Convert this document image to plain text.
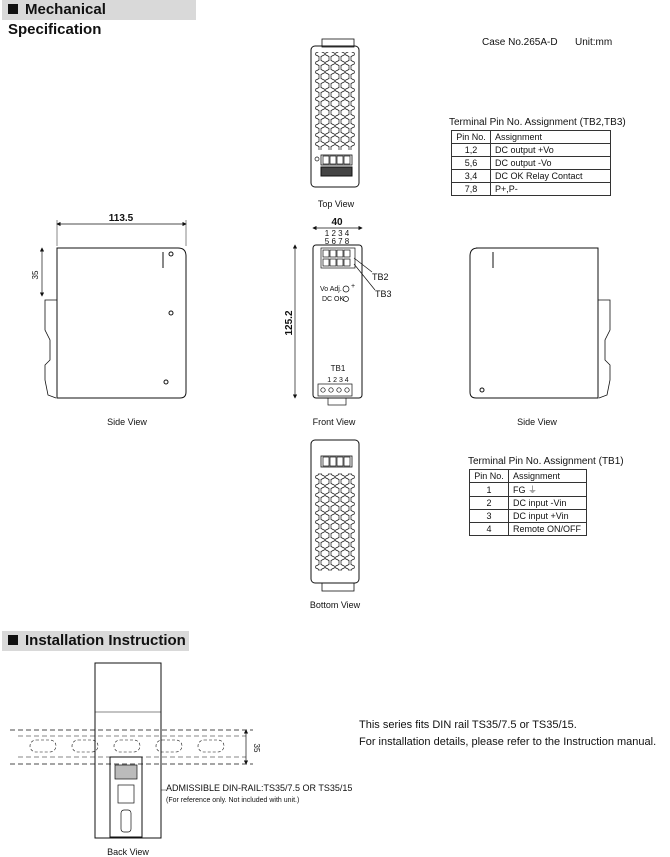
Mechanical Specification
Installation Instruction
Case No.265A-D Unit:mm
Terminal Pin No. Assignment (TB2,TB3)
Pin No.	Assignment
1,2	DC output +Vo
5,6	DC output -Vo
3,4	DC OK Relay Contact
7,8	P+,P-
Terminal Pin No. Assignment (TB1)
Pin No.	Assignment
1	FG ⏚
2	DC input -Vin
3	DC input +Vin
4	Remote ON/OFF
Top View
Side View	Front View	Side View
Bottom View
Back View
This series fits DIN rail TS35/7.5 or TS35/15.
For installation details, please refer to the Instruction manual.
ADMISSIBLE DIN-RAIL:TS35/7.5 OR TS35/15
(For reference only. Not included with unit.)
113.5
35
40
125.2
1 2 3 4
5 6 7 8
TB2
TB3
Vo Adj. +
DC OK
TB1
1 2 3 4
35
